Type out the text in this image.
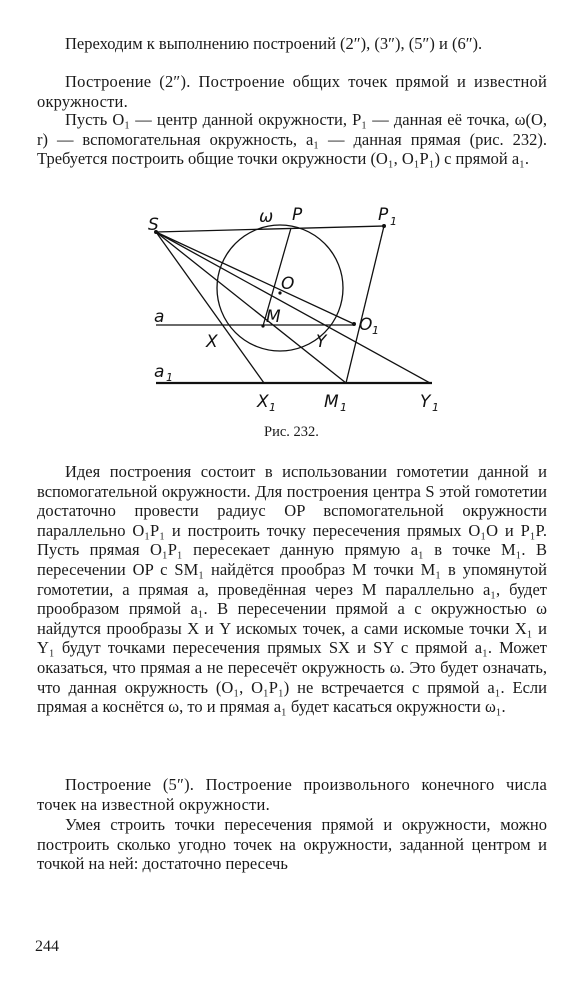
Переходим к выполнению построений (2″), (3″), (5″) и (6″).

Построение (2″). Построение общих точек прямой и известной окружности.

Пусть O₁ — центр данной окружности, P₁ — данная её точка, ω(O, r) — вспомогательная окружность, a₁ — данная прямая (рис. 232). Требуется построить общие точки окружности (O₁, O₁P₁) с прямой a₁.

S	ω P	P 1
O
a	M	O 1
X	Y
a 1
X 1	M 1	Y 1
Рис. 232.

Идея построения состоит в использовании гомотетии данной и вспомогательной окружности. Для построения центра S этой гомотетии достаточно провести радиус OP вспомогательной окружности параллельно O₁P₁ и построить точку пересечения прямых O₁O и P₁P. Пусть прямая O₁P₁ пересекает данную прямую a₁ в точке M₁. В пересечении OP с SM₁ найдётся прообраз M точки M₁ в упомянутой гомотетии, а прямая a, проведённая через M параллельно a₁, будет прообразом прямой a₁. В пересечении прямой a с окружностью ω найдутся прообразы X и Y искомых точек, а сами искомые точки X₁ и Y₁ будут точками пересечения прямых SX и SY с прямой a₁. Может оказаться, что прямая a не пересечёт окружность ω. Это будет означать, что данная окружность (O₁, O₁P₁) не встречается с прямой a₁. Если прямая a коснётся ω, то и прямая a₁ будет касаться окружности ω₁.

Построение (5″). Построение произвольного конечного числа точек на известной окружности.

Умея строить точки пересечения прямой и окружности, можно построить сколько угодно точек на окружности, заданной центром и точкой на ней: достаточно пересечь

244
